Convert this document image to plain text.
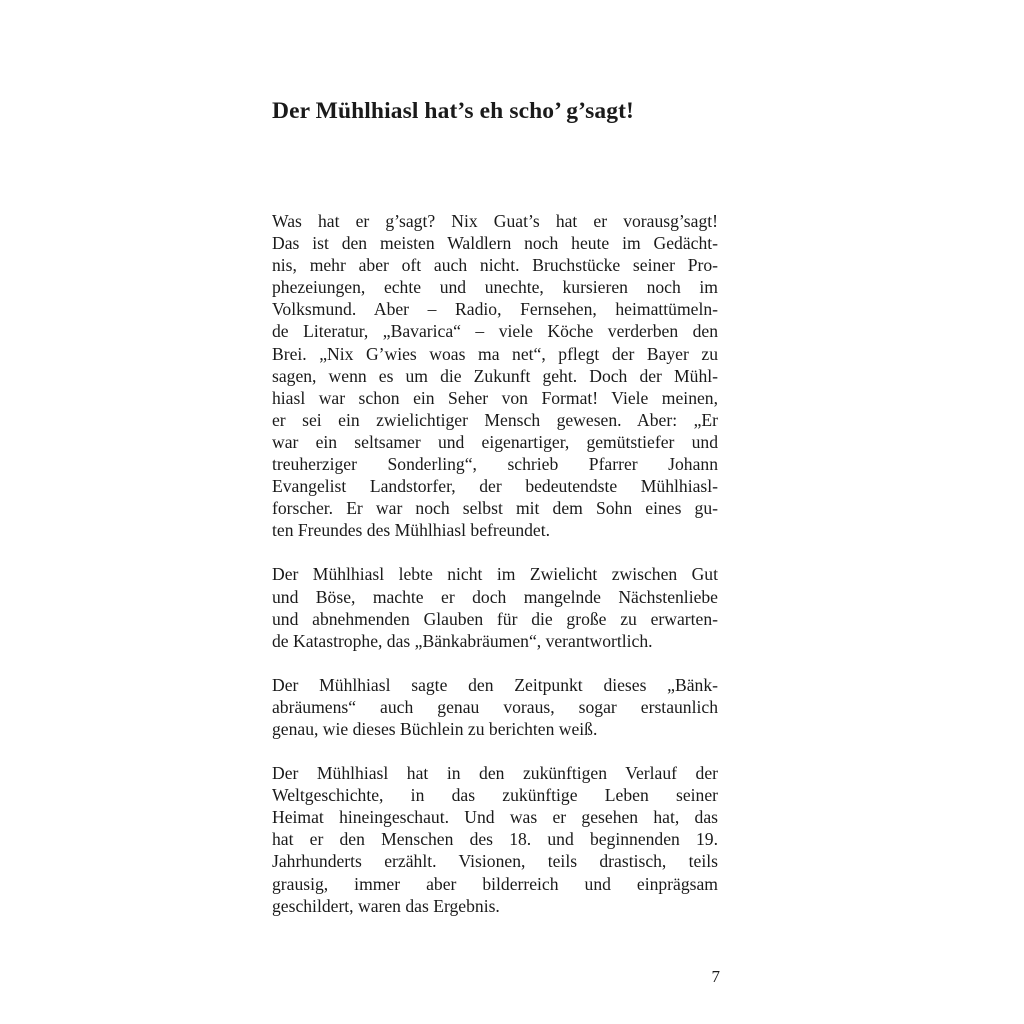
Der Mühlhiasl hat’s eh scho’ g’sagt!

Was hat er g’sagt? Nix Guat’s hat er vorausg’sagt!
Das ist den meisten Waldlern noch heute im Gedächt-
nis, mehr aber oft auch nicht. Bruchstücke seiner Pro-
phezeiungen, echte und unechte, kursieren noch im
Volksmund. Aber – Radio, Fernsehen, heimattümeln-
de Literatur, „Bavarica“ – viele Köche verderben den
Brei. „Nix G’wies woas ma net“, pflegt der Bayer zu
sagen, wenn es um die Zukunft geht. Doch der Mühl-
hiasl war schon ein Seher von Format! Viele meinen,
er sei ein zwielichtiger Mensch gewesen. Aber: „Er
war ein seltsamer und eigenartiger, gemütstiefer und
treuherziger Sonderling“, schrieb Pfarrer Johann
Evangelist Landstorfer, der bedeutendste Mühlhiasl-
forscher. Er war noch selbst mit dem Sohn eines gu-
ten Freundes des Mühlhiasl befreundet.

Der Mühlhiasl lebte nicht im Zwielicht zwischen Gut
und Böse, machte er doch mangelnde Nächstenliebe
und abnehmenden Glauben für die große zu erwarten-
de Katastrophe, das „Bänkabräumen“, verantwortlich.

Der Mühlhiasl sagte den Zeitpunkt dieses „Bänk-
abräumens“ auch genau voraus, sogar erstaunlich
genau, wie dieses Büchlein zu berichten weiß.

Der Mühlhiasl hat in den zukünftigen Verlauf der
Weltgeschichte, in das zukünftige Leben seiner
Heimat hineingeschaut. Und was er gesehen hat, das
hat er den Menschen des 18. und beginnenden 19.
Jahrhunderts erzählt. Visionen, teils drastisch, teils
grausig, immer aber bilderreich und einprägsam
geschildert, waren das Ergebnis.

7
